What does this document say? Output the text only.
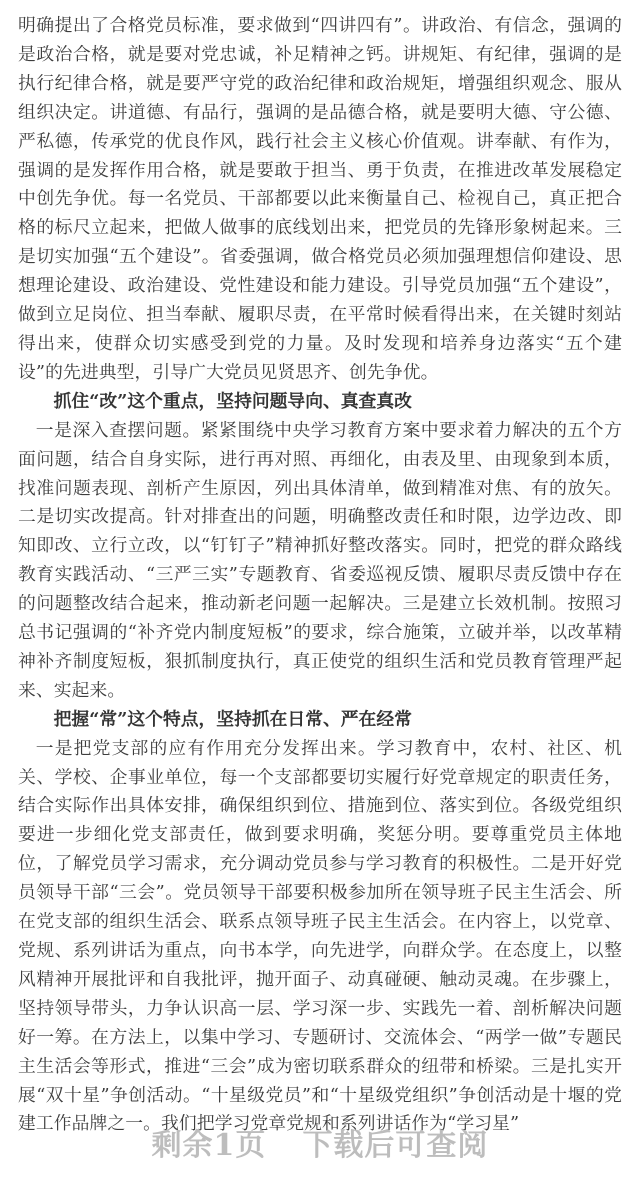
明确提出了合格党员标准，要求做到“四讲四有”。讲政治、有信念，强调的是政治合格，就是要对党忠诚，补足精神之钙。讲规矩、有纪律，强调的是执行纪律合格，就是要严守党的政治纪律和政治规矩，增强组织观念、服从组织决定。讲道德、有品行，强调的是品德合格，就是要明大德、守公德、严私德，传承党的优良作风，践行社会主义核心价值观。讲奉献、有作为，强调的是发挥作用合格，就是要敢于担当、勇于负责，在推进改革发展稳定中创先争优。每一名党员、干部都要以此来衡量自己、检视自己，真正把合格的标尺立起来，把做人做事的底线划出来，把党员的先锋形象树起来。三是切实加强“五个建设”。省委强调，做合格党员必须加强理想信仰建设、思想理论建设、政治建设、党性建设和能力建设。引导党员加强“五个建设”，做到立足岗位、担当奉献、履职尽责，在平常时候看得出来，在关键时刻站得出来，使群众切实感受到党的力量。及时发现和培养身边落实“五个建设”的先进典型，引导广大党员见贤思齐、创先争优。

抓住“改”这个重点，坚持问题导向、真查真改

一是深入查摆问题。紧紧围绕中央学习教育方案中要求着力解决的五个方面问题，结合自身实际，进行再对照、再细化，由表及里、由现象到本质，找准问题表现、剖析产生原因，列出具体清单，做到精准对焦、有的放矢。二是切实改提高。针对排查出的问题，明确整改责任和时限，边学边改、即知即改、立行立改，以“钉钉子”精神抓好整改落实。同时，把党的群众路线教育实践活动、“三严三实”专题教育、省委巡视反馈、履职尽责反馈中存在的问题整改结合起来，推动新老问题一起解决。三是建立长效机制。按照习总书记强调的“补齐党内制度短板”的要求，综合施策，立破并举，以改革精神补齐制度短板，狠抓制度执行，真正使党的组织生活和党员教育管理严起来、实起来。

把握“常”这个特点，坚持抓在日常、严在经常

一是把党支部的应有作用充分发挥出来。学习教育中，农村、社区、机关、学校、企事业单位，每一个支部都要切实履行好党章规定的职责任务，结合实际作出具体安排，确保组织到位、措施到位、落实到位。各级党组织要进一步细化党支部责任，做到要求明确，奖惩分明。要尊重党员主体地位，了解党员学习需求，充分调动党员参与学习教育的积极性。二是开好党员领导干部“三会”。党员领导干部要积极参加所在领导班子民主生活会、所在党支部的组织生活会、联系点领导班子民主生活会。在内容上，以党章、党规、系列讲话为重点，向书本学，向先进学，向群众学。在态度上，以整风精神开展批评和自我批评，抛开面子、动真碰硬、触动灵魂。在步骤上，坚持领导带头，力争认识高一层、学习深一步、实践先一着、剖析解决问题好一筹。在方法上，以集中学习、专题研讨、交流体会、“两学一做”专题民主生活会等形式，推进“三会”成为密切联系群众的纽带和桥梁。三是扎实开展“双十星”争创活动。“十星级党员”和“十星级党组织”争创活动是十堰的党建工作品牌之一。我们把学习党章党规和系列讲话作为“学习星”

剩余1页 下载后可查阅
